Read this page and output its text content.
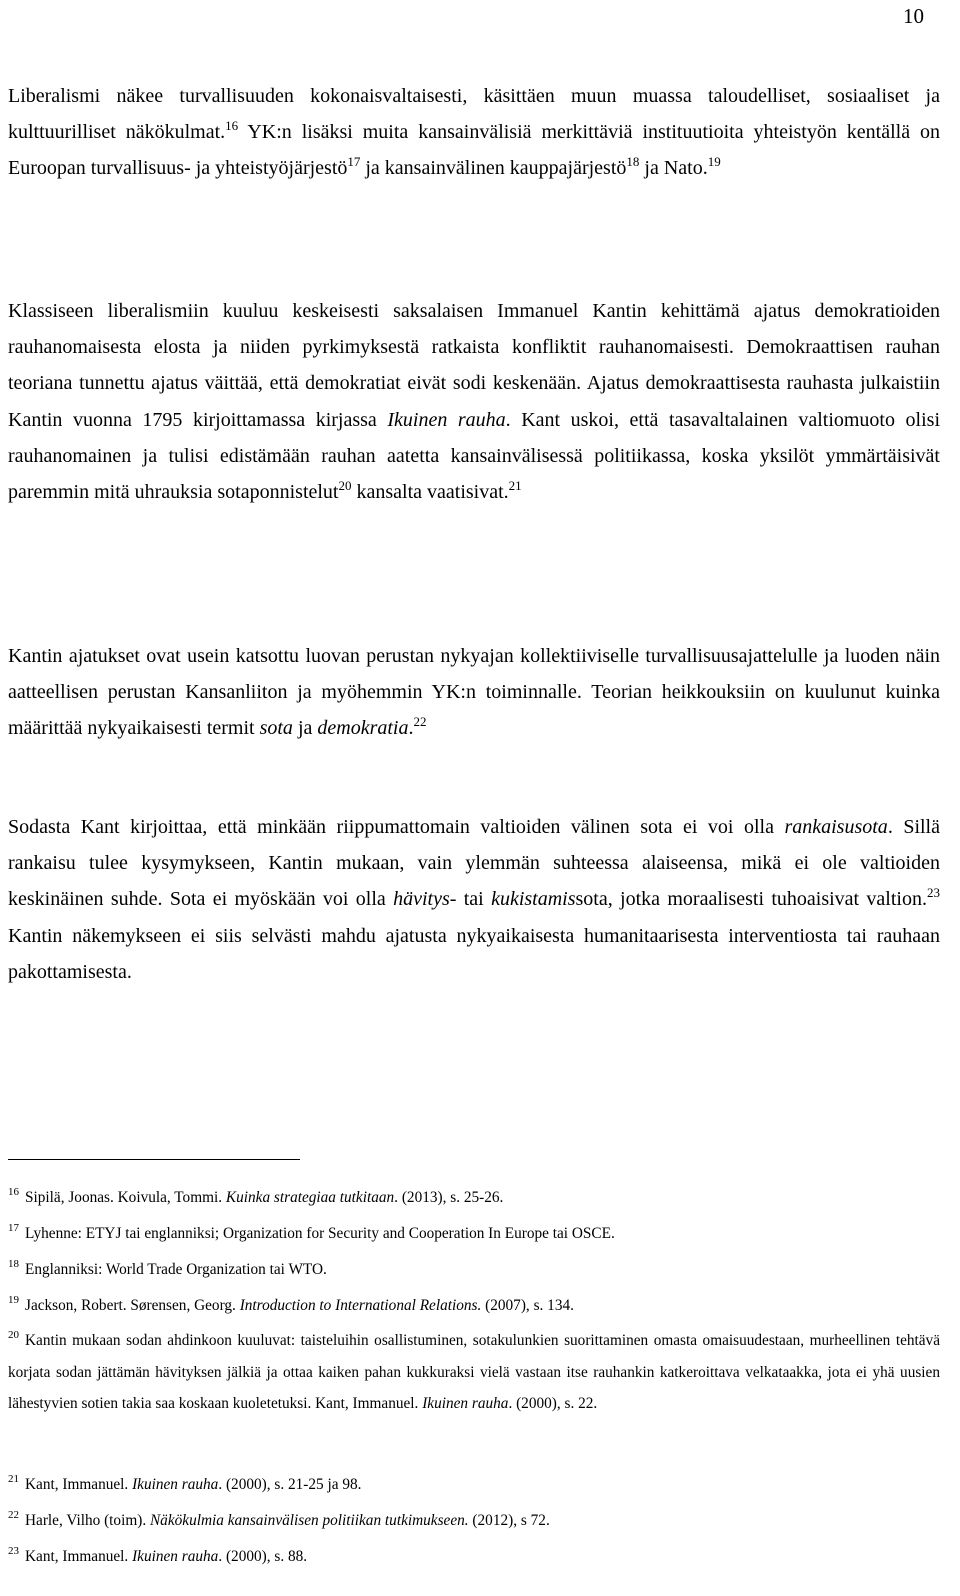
10

Liberalismi näkee turvallisuuden kokonaisvaltaisesti, käsittäen muun muassa taloudelliset, sosiaaliset ja kulttuurilliset näkökulmat.$^{16}$ YK:n lisäksi muita kansainvälisiä merkittäviä instituutioita yhteistyön kentällä on Euroopan turvallisuus- ja yhteistyöjärjestö$^{17}$ ja kansainvälinen kauppajärjestö$^{18}$ ja Nato.$^{19}$

Klassiseen liberalismiin kuuluu keskeisesti saksalaisen Immanuel Kantin kehittämä ajatus demokratioiden rauhanomaisesta elosta ja niiden pyrkimyksestä ratkaista konfliktit rauhanomaisesti. Demokraattisen rauhan teoriana tunnettu ajatus väittää, että demokratiat eivät sodi keskenään. Ajatus demokraattisesta rauhasta julkaistiin Kantin vuonna 1795 kirjoittamassa kirjassa Ikuinen rauha. Kant uskoi, että tasavaltalainen valtiomuoto olisi rauhanomainen ja tulisi edistämään rauhan aatetta kansainvälisessä politiikassa, koska yksilöt ymmärtäisivät paremmin mitä uhrauksia sotaponnistelut$^{20}$ kansalta vaatisivat.$^{21}$

Kantin ajatukset ovat usein katsottu luovan perustan nykyajan kollektiiviselle turvallisuusajattelulle ja luoden näin aatteellisen perustan Kansanliiton ja myöhemmin YK:n toiminnalle. Teorian heikkouksiin on kuulunut kuinka määrittää nykyaikaisesti termit sota ja demokratia.$^{22}$

Sodasta Kant kirjoittaa, että minkään riippumattomain valtioiden välinen sota ei voi olla rankaisusota. Sillä rankaisu tulee kysymykseen, Kantin mukaan, vain ylemmän suhteessa alaiseensa, mikä ei ole valtioiden keskinäinen suhde. Sota ei myöskään voi olla hävitys- tai kukistamissota, jotka moraalisesti tuhoaisivat valtion.$^{23}$ Kantin näkemykseen ei siis selvästi mahdu ajatusta nykyaikaisesta humanitaarisesta interventiosta tai rauhaan pakottamisesta.

$^{16}$ Sipilä, Joonas. Koivula, Tommi. Kuinka strategiaa tutkitaan. (2013), s. 25-26.

$^{17}$ Lyhenne: ETYJ tai englanniksi; Organization for Security and Cooperation In Europe tai OSCE.

$^{18}$ Englanniksi: World Trade Organization tai WTO.

$^{19}$ Jackson, Robert. Sørensen, Georg. Introduction to International Relations. (2007), s. 134.

$^{20}$ Kantin mukaan sodan ahdinkoon kuuluvat: taisteluihin osallistuminen, sotakulunkien suorittaminen omasta omaisuudestaan, murheellinen tehtävä korjata sodan jättämän hävityksen jälkiä ja ottaa kaiken pahan kukkuraksi vielä vastaan itse rauhankin katkeroittava velkataakka, jota ei yhä uusien lähestyvien sotien takia saa koskaan kuoletetuksi. Kant, Immanuel. Ikuinen rauha. (2000), s. 22.

$^{21}$ Kant, Immanuel. Ikuinen rauha. (2000), s. 21-25 ja 98.

$^{22}$ Harle, Vilho (toim). Näkökulmia kansainvälisen politiikan tutkimukseen. (2012), s 72.

$^{23}$ Kant, Immanuel. Ikuinen rauha. (2000), s. 88.
